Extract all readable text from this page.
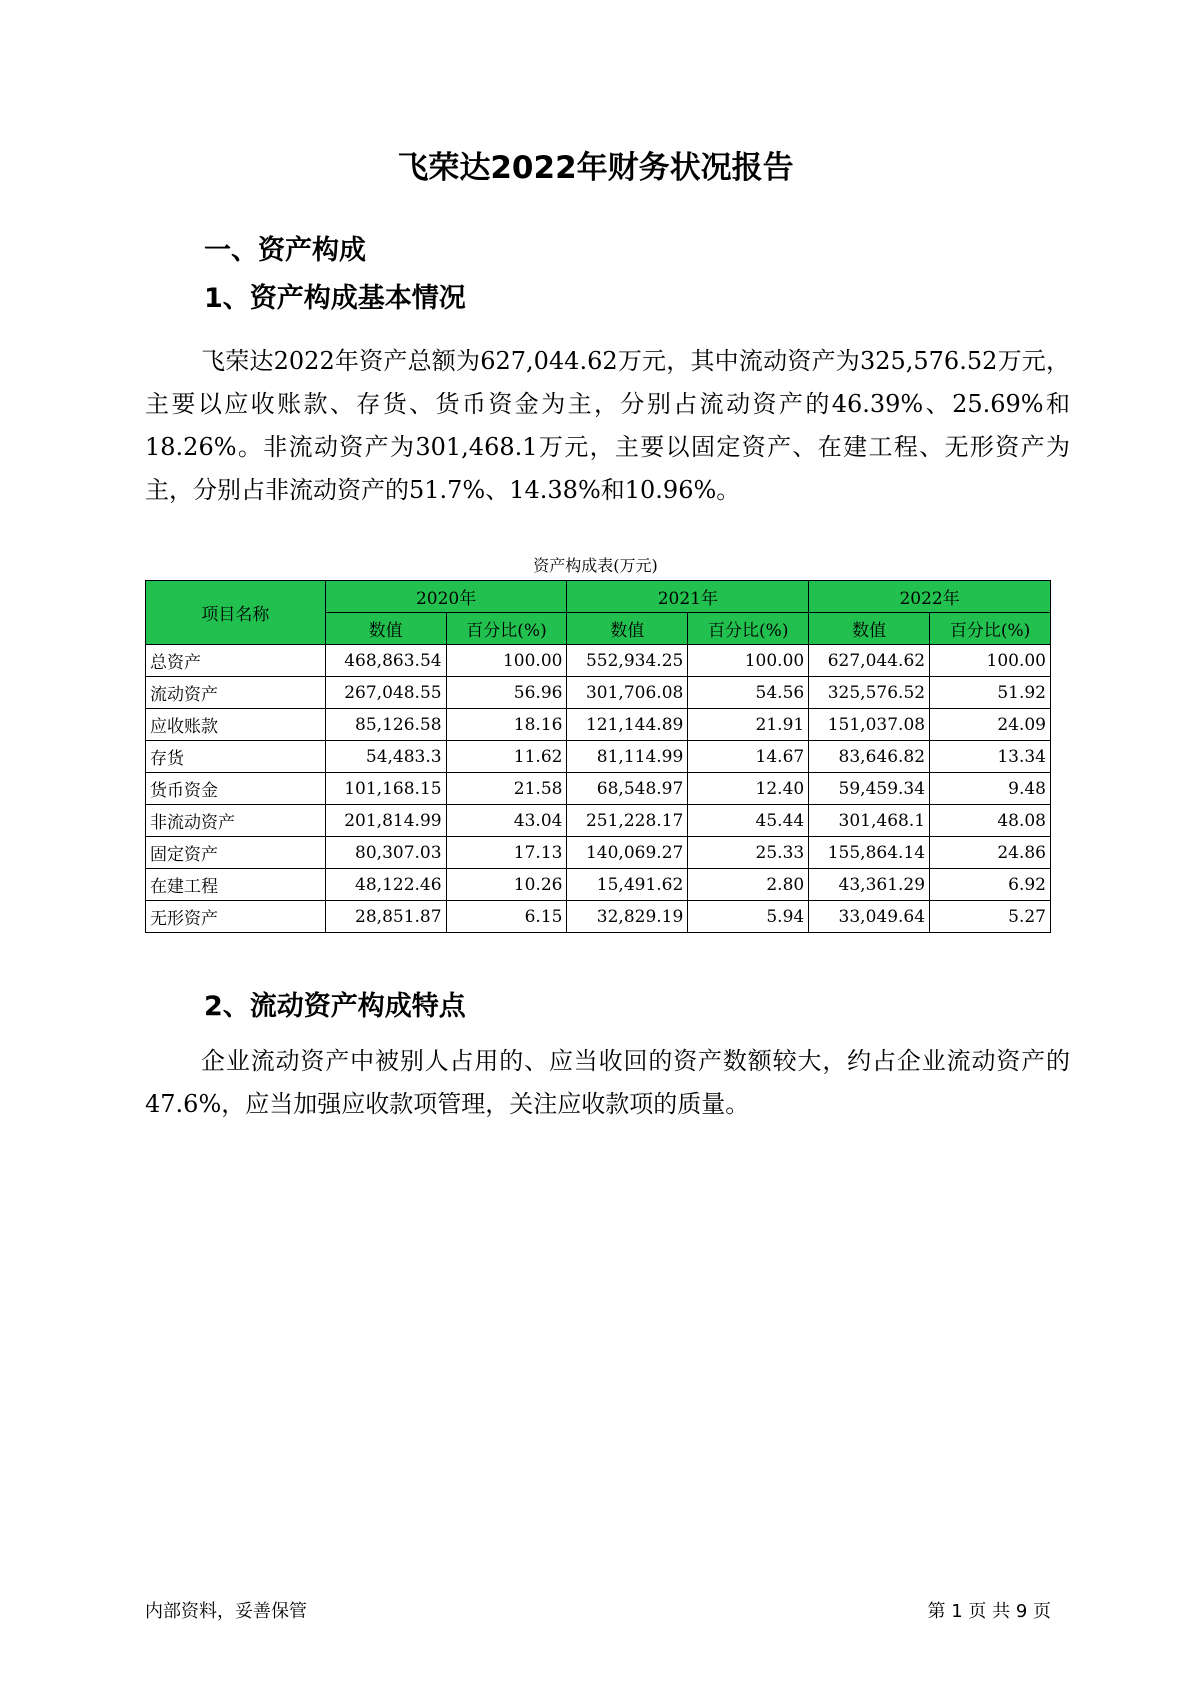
飞荣达2022年财务状况报告
一、资产构成
1、资产构成基本情况

飞荣达2022年资产总额为627,044.62万元，其中流动资产为325,576.52万元，主要以应收账款、存货、货币资金为主，分别占流动资产的46.39%、25.69%和18.26%。非流动资产为301,468.1万元，主要以固定资产、在建工程、无形资产为主，分别占非流动资产的51.7%、14.38%和10.96%。

资产构成表(万元)
项目名称	2020年		2021年		2022年	
	数值	百分比(%)	数值	百分比(%)	数值	百分比(%)
总资产	468,863.54	100.00	552,934.25	100.00	627,044.62	100.00
流动资产	267,048.55	56.96	301,706.08	54.56	325,576.52	51.92
应收账款	85,126.58	18.16	121,144.89	21.91	151,037.08	24.09
存货	54,483.3	11.62	81,114.99	14.67	83,646.82	13.34
货币资金	101,168.15	21.58	68,548.97	12.40	59,459.34	9.48
非流动资产	201,814.99	43.04	251,228.17	45.44	301,468.1	48.08
固定资产	80,307.03	17.13	140,069.27	25.33	155,864.14	24.86
在建工程	48,122.46	10.26	15,491.62	2.80	43,361.29	6.92
无形资产	28,851.87	6.15	32,829.19	5.94	33,049.64	5.27
2、流动资产构成特点

企业流动资产中被别人占用的、应当收回的资产数额较大，约占企业流动资产的47.6%，应当加强应收款项管理，关注应收款项的质量。

内部资料，妥善保管	第 1 页 共 9 页
